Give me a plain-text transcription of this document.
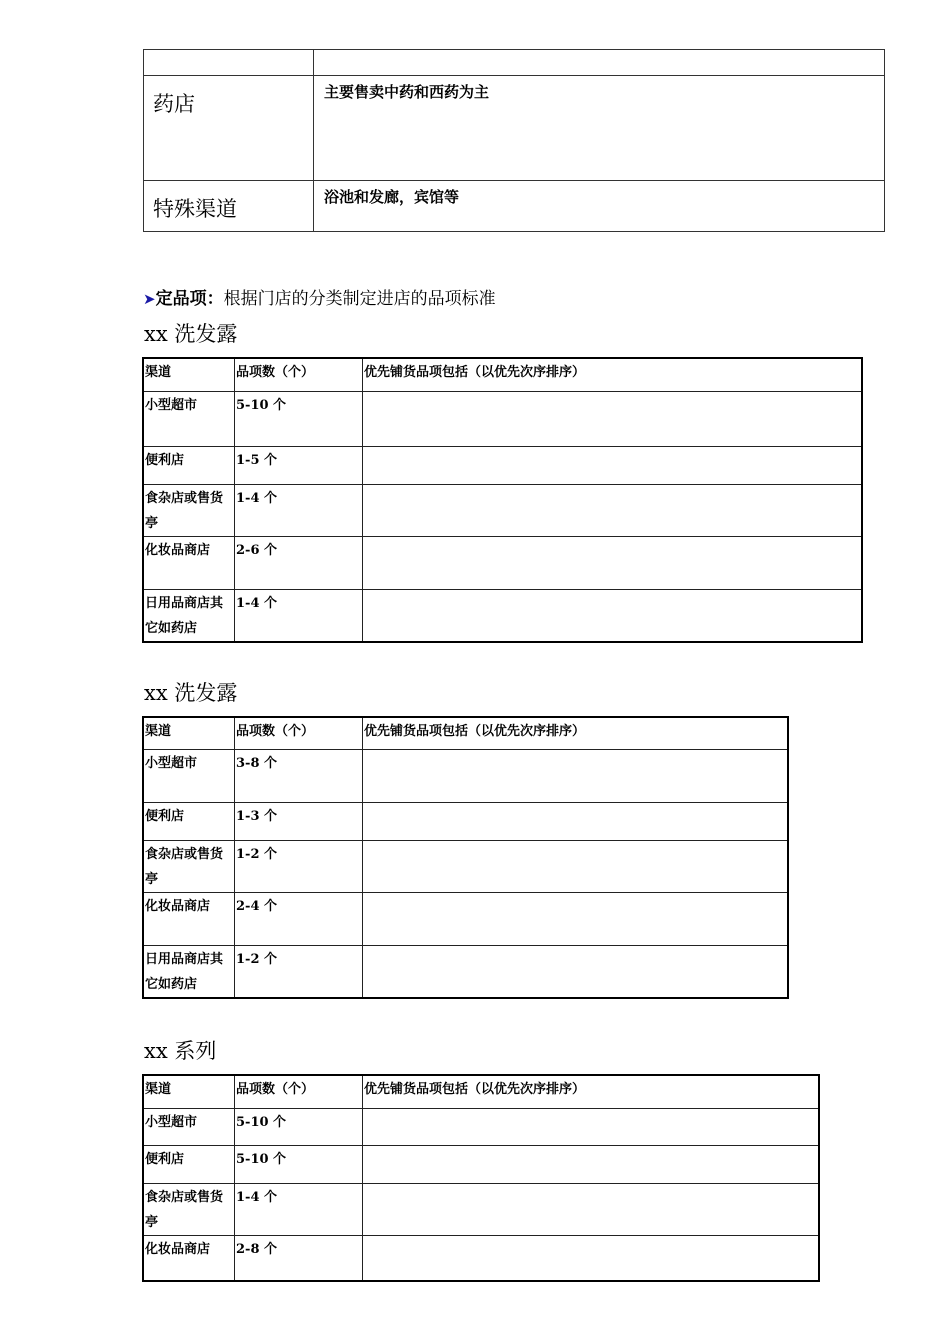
药店	主要售卖中药和西药为主
特殊渠道	浴池和发廊，宾馆等
➤定品项：根据门店的分类制定进店的品项标准
xx 洗发露
渠道	品项数（个）	优先铺货品项包括（以优先次序排序）
小型超市	5-10 个	
便利店	1-5 个	
食杂店或售货亭	1-4 个	
化妆品商店	2-6 个	
日用品商店其它如药店	1-4 个	
xx 洗发露
渠道	品项数（个）	优先铺货品项包括（以优先次序排序）
小型超市	3-8 个	
便利店	1-3 个	
食杂店或售货亭	1-2 个	
化妆品商店	2-4 个	
日用品商店其它如药店	1-2 个	
xx 系列
渠道	品项数（个）	优先铺货品项包括（以优先次序排序）
小型超市	5-10 个	
便利店	5-10 个	
食杂店或售货亭	1-4 个	
化妆品商店	2-8 个	
